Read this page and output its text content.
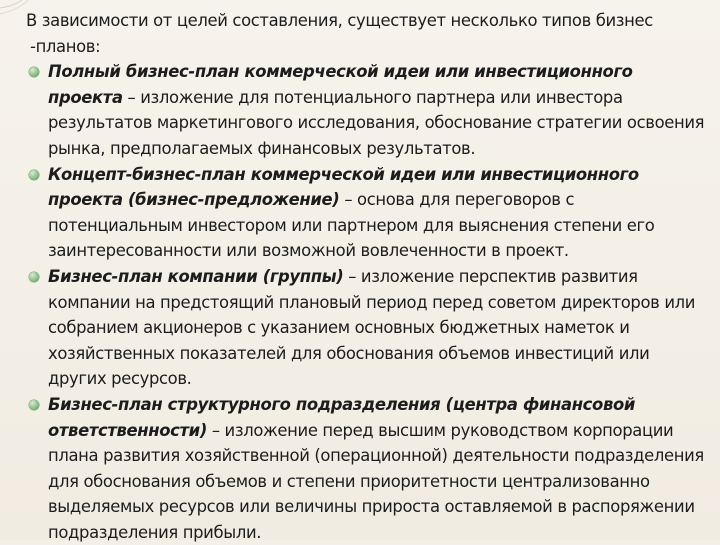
В зависимости от целей составления, существует несколько типов бизнес -планов:

Полный бизнес-план коммерческой идеи или инвестиционного проекта – изложение для потенциального партнера или инвестора результатов маркетингового исследования, обоснование стратегии освоения рынка, предполагаемых финансовых результатов.
Концепт-бизнес-план коммерческой идеи или инвестиционного проекта (бизнес-предложение) – основа для переговоров с потенциальным инвестором или партнером для выяснения степени его заинтересованности или возможной вовлеченности в проект.
Бизнес-план компании (группы) – изложение перспектив развития компании на предстоящий плановый период перед советом директоров или собранием акционеров с указанием основных бюджетных наметок и хозяйственных показателей для обоснования объемов инвестиций или других ресурсов.
Бизнес-план структурного подразделения (центра финансовой ответственности) – изложение перед высшим руководством корпорации плана развития хозяйственной (операционной) деятельности подразделения для обоснования объемов и степени приоритетности централизованно выделяемых ресурсов или величины прироста оставляемой в распоряжении подразделения прибыли.
